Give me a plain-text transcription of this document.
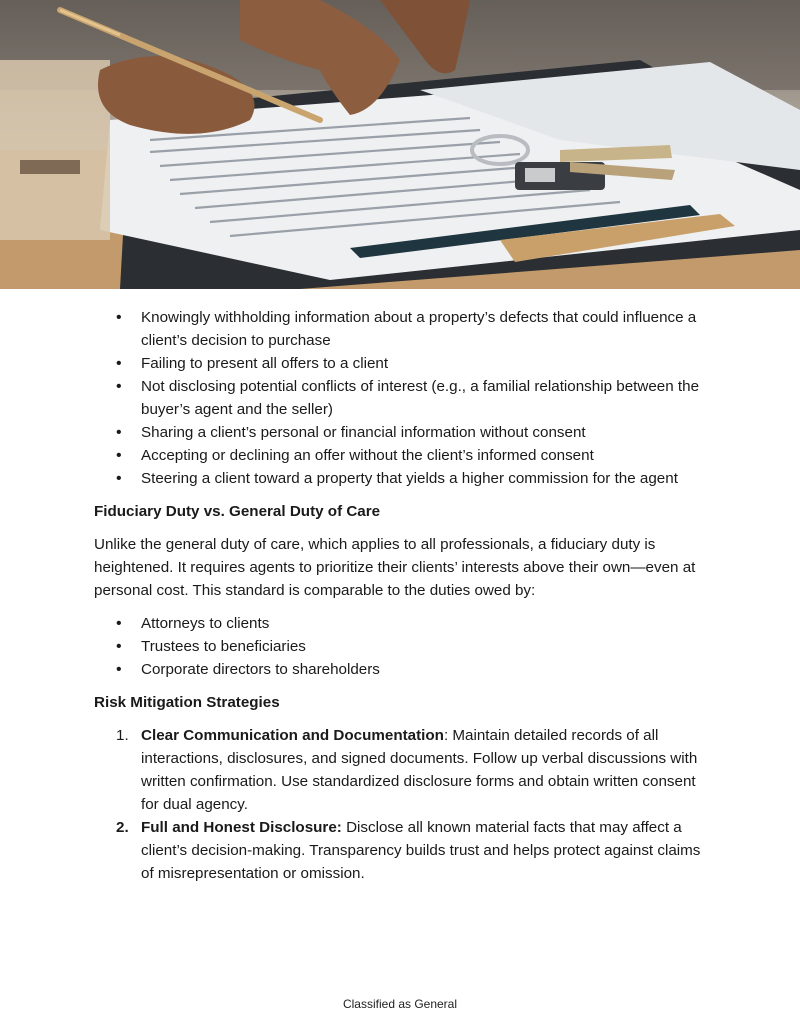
• Knowingly withholding information about a property’s defects that could influence a client’s decision to purchase
• Failing to present all offers to a client
• Not disclosing potential conflicts of interest (e.g., a familial relationship between the buyer’s agent and the seller)
• Sharing a client’s personal or financial information without consent
• Accepting or declining an offer without the client’s informed consent
• Steering a client toward a property that yields a higher commission for the agent

Fiduciary Duty vs. General Duty of Care

Unlike the general duty of care, which applies to all professionals, a fiduciary duty is heightened. It requires agents to prioritize their clients’ interests above their own—even at personal cost. This standard is comparable to the duties owed by:

• Attorneys to clients
• Trustees to beneficiaries
• Corporate directors to shareholders

Risk Mitigation Strategies

1. Clear Communication and Documentation: Maintain detailed records of all interactions, disclosures, and signed documents. Follow up verbal discussions with written confirmation. Use standardized disclosure forms and obtain written consent for dual agency.
2. Full and Honest Disclosure: Disclose all known material facts that may affect a client’s decision-making. Transparency builds trust and helps protect against claims of misrepresentation or omission.
Classified as General
